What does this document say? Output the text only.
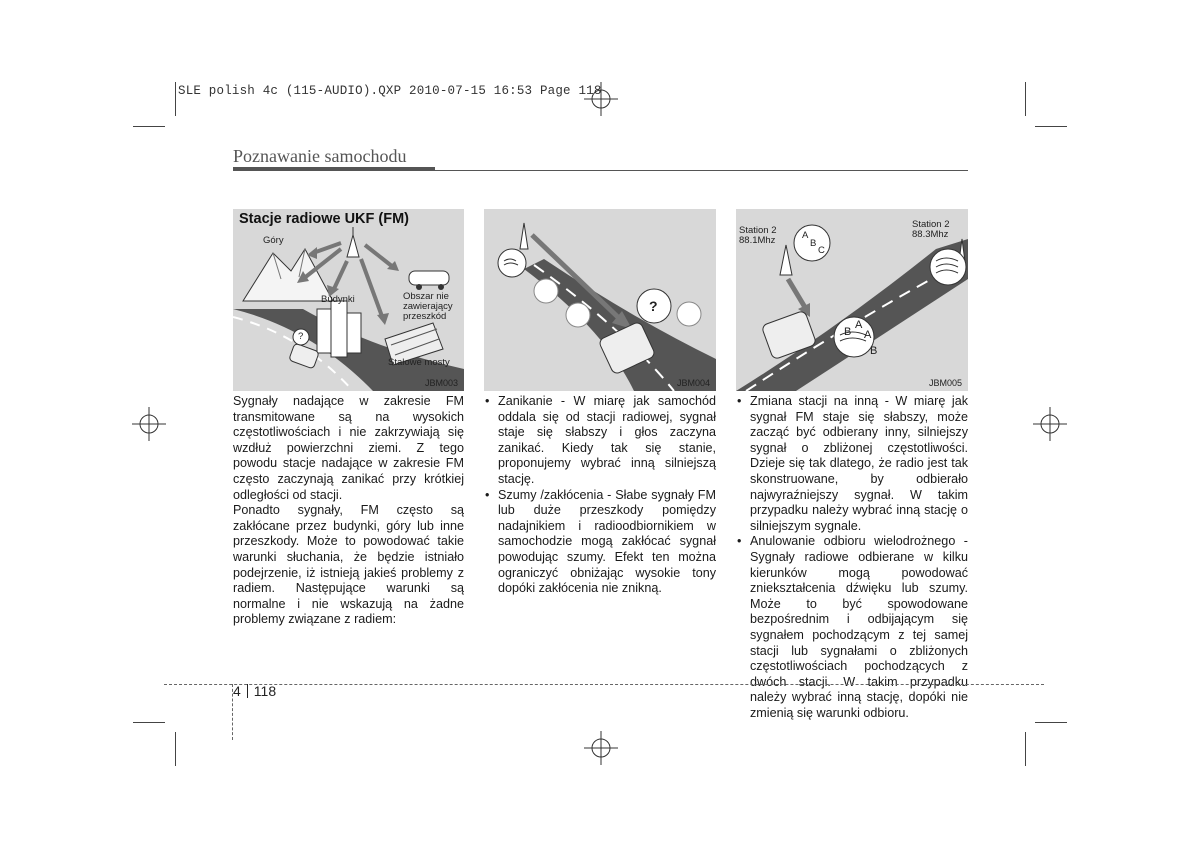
SLE polish 4c (115-AUDIO).QXP 2010-07-15 16:53 Page 118
Poznawanie samochodu
Stacje radiowe UKF (FM)
Góry
Budynki	Obszar nie
zawierający
przeszkód
Stalowe mosty
?
JBM003
?
JBM004
Station 2
88.1Mhz
Station 2
88.3Mhz
A
B
C
A
B A
B
JBM005

Sygnały nadające w zakresie FM transmitowane są na wysokich częstotliwościach i nie zakrzywiają się wzdłuż powierzchni ziemi. Z tego powodu stacje nadające w zakresie FM często zaczynają zanikać przy krótkiej odległości od stacji.

Ponadto sygnały, FM często są zakłócane przez budynki, góry lub inne przeszkody. Może to powodować takie warunki słuchania, że będzie istniało podejrzenie, iż istnieją jakieś problemy z radiem. Następujące warunki są normalne i nie wskazują na żadne problemy związane z radiem:

• Zanikanie - W miarę jak samochód oddala się od stacji radiowej, sygnał staje się słabszy i głos zaczyna zanikać. Kiedy tak się stanie, proponujemy wybrać inną silniejszą stację.

• Szumy /zakłócenia - Słabe sygnały FM lub duże przeszkody pomiędzy nadajnikiem i radioodbiornikiem w samochodzie mogą zakłócać sygnał powodując szumy. Efekt ten można ograniczyć obniżając wysokie tony dopóki zakłócenia nie znikną.

• Zmiana stacji na inną - W miarę jak sygnał FM staje się słabszy, może zacząć być odbierany inny, silniejszy sygnał o zbliżonej częstotliwości. Dzieje się tak dlatego, że radio jest tak skonstruowane, by odbierało najwyraźniejszy sygnał. W takim przypadku należy wybrać inną stację o silniejszym sygnale.

• Anulowanie odbioru wielodrożnego - Sygnały radiowe odbierane w kilku kierunków mogą powodować zniekształcenia dźwięku lub szumy. Może to być spowodowane bezpośrednim i odbijającym się sygnałem pochodzącym z tej samej stacji lub sygnałami o zbliżonych częstotliwościach pochodzących z dwóch stacji. W takim przypadku należy wybrać inną stację, dopóki nie zmienią się warunki odbioru.

4 118
